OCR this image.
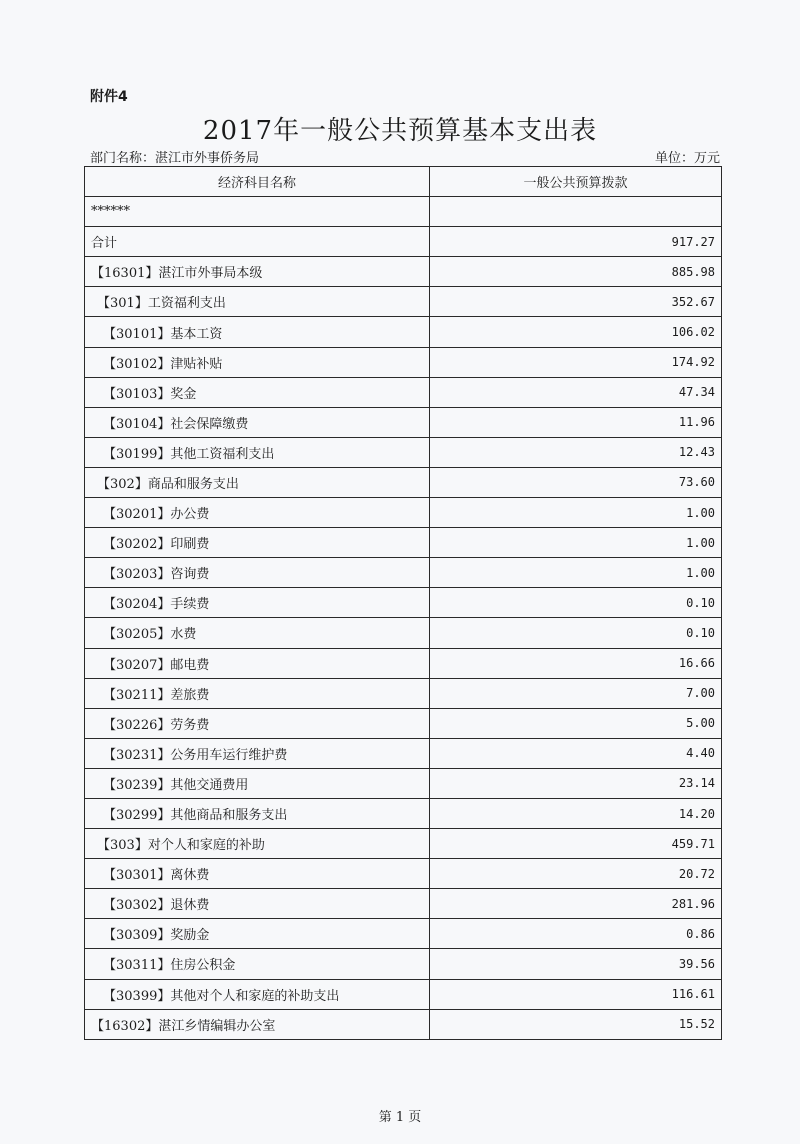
附件4
2017年一般公共预算基本支出表
部门名称：湛江市外事侨务局	单位：万元
经济科目名称	一般公共预算拨款
******	
合计	917.27
【16301】湛江市外事局本级	885.98
【301】工资福利支出	352.67
【30101】基本工资	106.02
【30102】津贴补贴	174.92
【30103】奖金	47.34
【30104】社会保障缴费	11.96
【30199】其他工资福利支出	12.43
【302】商品和服务支出	73.60
【30201】办公费	1.00
【30202】印刷费	1.00
【30203】咨询费	1.00
【30204】手续费	0.10
【30205】水费	0.10
【30207】邮电费	16.66
【30211】差旅费	7.00
【30226】劳务费	5.00
【30231】公务用车运行维护费	4.40
【30239】其他交通费用	23.14
【30299】其他商品和服务支出	14.20
【303】对个人和家庭的补助	459.71
【30301】离休费	20.72
【30302】退休费	281.96
【30309】奖励金	0.86
【30311】住房公积金	39.56
【30399】其他对个人和家庭的补助支出	116.61
【16302】湛江乡情编辑办公室	15.52
第 1 页
